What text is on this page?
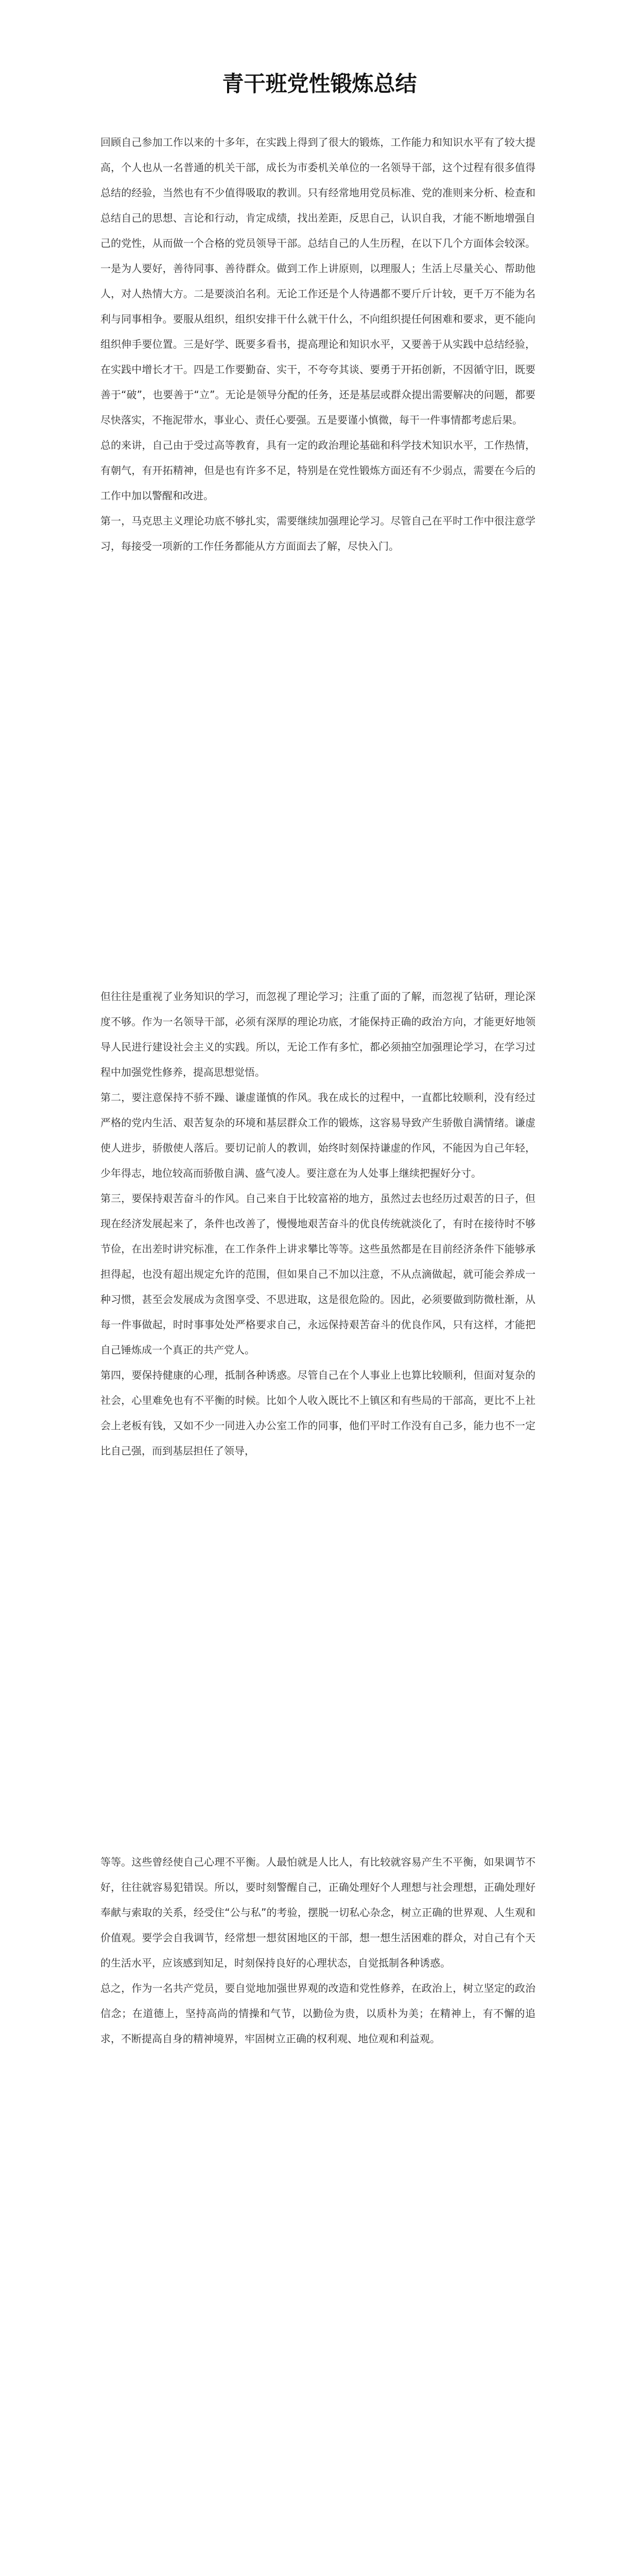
青干班党性锻炼总结

回顾自己参加工作以来的十多年，在实践上得到了很大的锻炼，工作能力和知识水平有了较大提高，个人也从一名普通的机关干部，成长为市委机关单位的一名领导干部，这个过程有很多值得总结的经验，当然也有不少值得吸取的教训。只有经常地用党员标准、党的准则来分析、检查和总结自己的思想、言论和行动，肯定成绩，找出差距，反思自己，认识自我，才能不断地增强自己的党性，从而做一个合格的党员领导干部。总结自己的人生历程，在以下几个方面体会较深。一是为人要好，善待同事、善待群众。做到工作上讲原则，以理服人；生活上尽量关心、帮助他人，对人热情大方。二是要淡泊名利。无论工作还是个人待遇都不要斤斤计较，更千万不能为名利与同事相争。要服从组织，组织安排干什么就干什么，不向组织提任何困难和要求，更不能向组织伸手要位置。三是好学、既要多看书，提高理论和知识水平，又要善于从实践中总结经验，在实践中增长才干。四是工作要勤奋、实干，不夸夸其谈、要勇于开拓创新，不因循守旧，既要善于“破”，也要善于“立”。无论是领导分配的任务，还是基层或群众提出需要解决的问题，都要尽快落实，不拖泥带水，事业心、责任心要强。五是要谨小慎微，每干一件事情都考虑后果。

总的来讲，自己由于受过高等教育，具有一定的政治理论基础和科学技术知识水平，工作热情，有朝气，有开拓精神，但是也有许多不足，特别是在党性锻炼方面还有不少弱点，需要在今后的工作中加以警醒和改进。

第一，马克思主义理论功底不够扎实，需要继续加强理论学习。尽管自己在平时工作中很注意学习，每接受一项新的工作任务都能从方方面面去了解，尽快入门。

但往往是重视了业务知识的学习，而忽视了理论学习；注重了面的了解，而忽视了钻研，理论深度不够。作为一名领导干部，必须有深厚的理论功底，才能保持正确的政治方向，才能更好地领导人民进行建设社会主义的实践。所以，无论工作有多忙，都必须抽空加强理论学习，在学习过程中加强党性修养，提高思想觉悟。

第二，要注意保持不骄不躁、谦虚谨慎的作风。我在成长的过程中，一直都比较顺利，没有经过严格的党内生活、艰苦复杂的环境和基层群众工作的锻炼，这容易导致产生骄傲自满情绪。谦虚使人进步，骄傲使人落后。要切记前人的教训，始终时刻保持谦虚的作风，不能因为自己年轻，少年得志，地位较高而骄傲自满、盛气凌人。要注意在为人处事上继续把握好分寸。

第三，要保持艰苦奋斗的作风。自己来自于比较富裕的地方，虽然过去也经历过艰苦的日子，但现在经济发展起来了，条件也改善了，慢慢地艰苦奋斗的优良传统就淡化了，有时在接待时不够节俭，在出差时讲究标准，在工作条件上讲求攀比等等。这些虽然都是在目前经济条件下能够承担得起，也没有超出规定允许的范围，但如果自己不加以注意，不从点滴做起，就可能会养成一种习惯，甚至会发展成为贪图享受、不思进取，这是很危险的。因此，必须要做到防微杜渐，从每一件事做起，时时事事处处严格要求自己，永远保持艰苦奋斗的优良作风，只有这样，才能把自己锤炼成一个真正的共产党人。

第四，要保持健康的心理，抵制各种诱惑。尽管自己在个人事业上也算比较顺利，但面对复杂的社会，心里难免也有不平衡的时候。比如个人收入既比不上镇区和有些局的干部高，更比不上社会上老板有钱，又如不少一同进入办公室工作的同事，他们平时工作没有自己多，能力也不一定比自己强，而到基层担任了领导，

等等。这些曾经使自己心理不平衡。人最怕就是人比人，有比较就容易产生不平衡，如果调节不好，往往就容易犯错误。所以，要时刻警醒自己，正确处理好个人理想与社会理想，正确处理好奉献与索取的关系，经受住“公与私”的考验，摆脱一切私心杂念，树立正确的世界观、人生观和价值观。要学会自我调节，经常想一想贫困地区的干部，想一想生活困难的群众，对自己有个天的生活水平，应该感到知足，时刻保持良好的心理状态，自觉抵制各种诱惑。

总之，作为一名共产党员，要自觉地加强世界观的改造和党性修养，在政治上，树立坚定的政治信念；在道德上，坚持高尚的情操和气节，以勤俭为贵，以质朴为美；在精神上，有不懈的追求，不断提高自身的精神境界，牢固树立正确的权利观、地位观和利益观。
